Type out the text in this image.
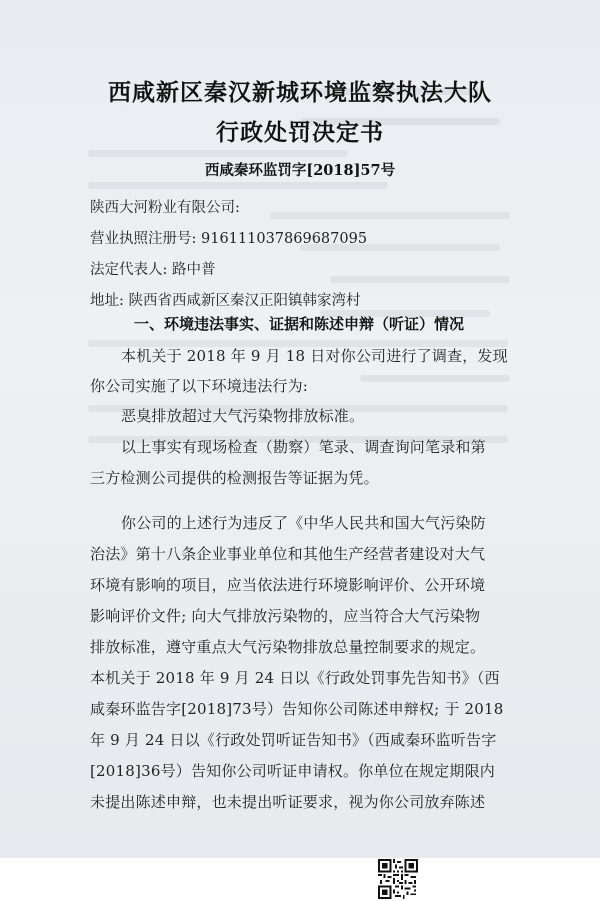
西咸新区秦汉新城环境监察执法大队
行政处罚决定书
西咸秦环监罚字[2018]57号
陕西大河粉业有限公司:
营业执照注册号: 916111037869687095
法定代表人: 路中普
地址: 陕西省西咸新区秦汉正阳镇韩家湾村
一、环境违法事实、证据和陈述申辩（听证）情况
本机关于 2018 年 9 月 18 日对你公司进行了调查，发现
你公司实施了以下环境违法行为:
恶臭排放超过大气污染物排放标准。
以上事实有现场检查（勘察）笔录、调查询问笔录和第
三方检测公司提供的检测报告等证据为凭。
你公司的上述行为违反了《中华人民共和国大气污染防
治法》第十八条企业事业单位和其他生产经营者建设对大气
环境有影响的项目，应当依法进行环境影响评价、公开环境
影响评价文件; 向大气排放污染物的，应当符合大气污染物
排放标准，遵守重点大气污染物排放总量控制要求的规定。
本机关于 2018 年 9 月 24 日以《行政处罚事先告知书》（西
咸秦环监告字[2018]73号）告知你公司陈述申辩权; 于 2018
年 9 月 24 日以《行政处罚听证告知书》（西咸秦环监听告字
[2018]36号）告知你公司听证申请权。你单位在规定期限内
未提出陈述申辩，也未提出听证要求，视为你公司放弃陈述
